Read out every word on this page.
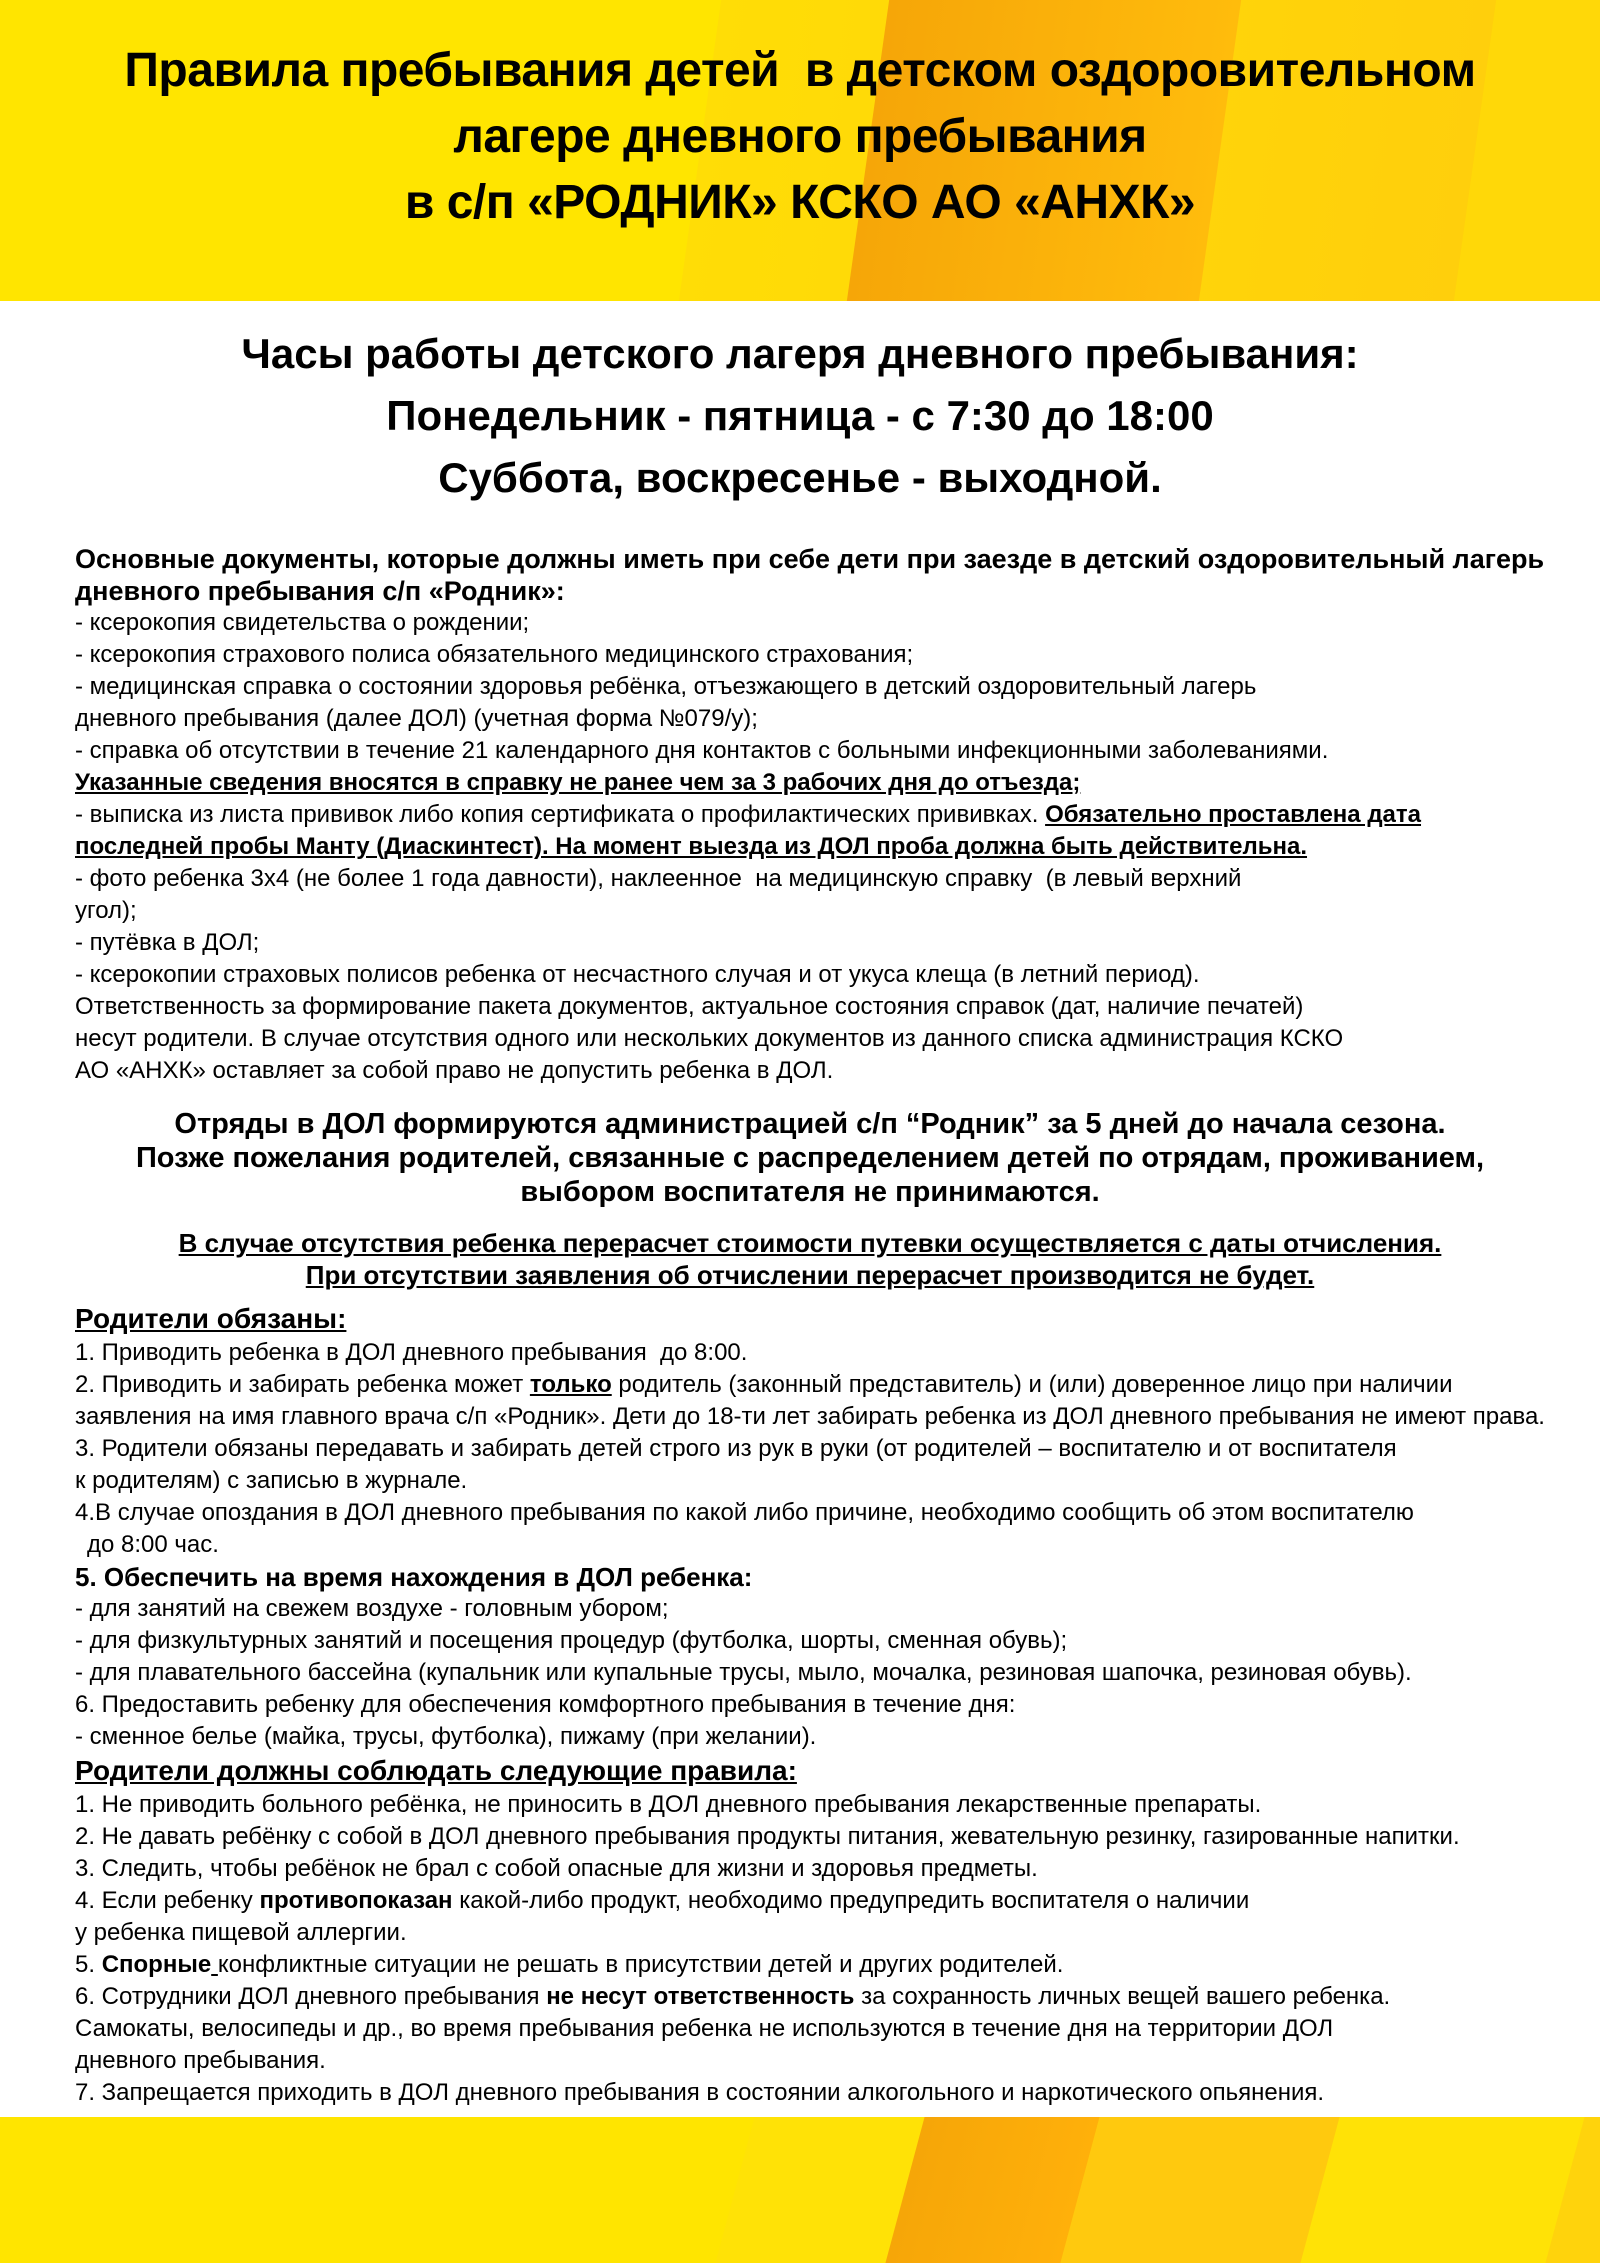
Правила пребывания детей  в детском оздоровительном
лагере дневного пребывания
в с/п «РОДНИК» КСКО АО «АНХК»
Часы работы детского лагеря дневного пребывания:
Понедельник - пятница - с 7:30 до 18:00
Суббота, воскресенье - выходной.
Основные документы, которые должны иметь при себе дети при заезде в детский оздоровительный лагерь
дневного пребывания с/п «Родник»:
- ксерокопия свидетельства о рождении;
- ксерокопия страхового полиса обязательного медицинского страхования;
- медицинская справка о состоянии здоровья ребёнка, отъезжающего в детский оздоровительный лагерь
дневного пребывания (далее ДОЛ) (учетная форма №079/у);
- справка об отсутствии в течение 21 календарного дня контактов с больными инфекционными заболеваниями.
Указанные сведения вносятся в справку не ранее чем за 3 рабочих дня до отъезда;
- выписка из листа прививок либо копия сертификата о профилактических прививках. Обязательно проставлена дата
последней пробы Манту (Диаскинтест). На момент выезда из ДОЛ проба должна быть действительна.
- фото ребенка 3х4 (не более 1 года давности), наклеенное  на медицинскую справку  (в левый верхний
угол);
- путёвка в ДОЛ;
- ксерокопии страховых полисов ребенка от несчастного случая и от укуса клеща (в летний период).
Ответственность за формирование пакета документов, актуальное состояния справок (дат, наличие печатей)
несут родители. В случае отсутствия одного или нескольких документов из данного списка администрация КСКО
АО «АНХК» оставляет за собой право не допустить ребенка в ДОЛ.
Отряды в ДОЛ формируются администрацией с/п “Родник” за 5 дней до начала сезона.
Позже пожелания родителей, связанные с распределением детей по отрядам, проживанием,
выбором воспитателя не принимаются.
В случае отсутствия ребенка перерасчет стоимости путевки осуществляется с даты отчисления.
При отсутствии заявления об отчислении перерасчет производится не будет.
Родители обязаны:
1. Приводить ребенка в ДОЛ дневного пребывания  до 8:00.
2. Приводить и забирать ребенка может только родитель (законный представитель) и (или) доверенное лицо при наличии
заявления на имя главного врача с/п «Родник». Дети до 18-ти лет забирать ребенка из ДОЛ дневного пребывания не имеют права.
3. Родители обязаны передавать и забирать детей строго из рук в руки (от родителей – воспитателю и от воспитателя
к родителям) с записью в журнале.
4.В случае опоздания в ДОЛ дневного пребывания по какой либо причине, необходимо сообщить об этом воспитателю
до 8:00 час.
5. Обеспечить на время нахождения в ДОЛ ребенка:
- для занятий на свежем воздухе - головным убором;
- для физкультурных занятий и посещения процедур (футболка, шорты, сменная обувь);
- для плавательного бассейна (купальник или купальные трусы, мыло, мочалка, резиновая шапочка, резиновая обувь).
6. Предоставить ребенку для обеспечения комфортного пребывания в течение дня:
- сменное белье (майка, трусы, футболка), пижаму (при желании).
Родители должны соблюдать следующие правила:
1. Не приводить больного ребёнка, не приносить в ДОЛ дневного пребывания лекарственные препараты.
2. Не давать ребёнку с собой в ДОЛ дневного пребывания продукты питания, жевательную резинку, газированные напитки.
3. Следить, чтобы ребёнок не брал с собой опасные для жизни и здоровья предметы.
4. Если ребенку противопоказан какой-либо продукт, необходимо предупредить воспитателя о наличии
у ребенка пищевой аллергии.
5. Спорные конфликтные ситуации не решать в присутствии детей и других родителей.
6. Сотрудники ДОЛ дневного пребывания не несут ответственность за сохранность личных вещей вашего ребенка.
Самокаты, велосипеды и др., во время пребывания ребенка не используются в течение дня на территории ДОЛ
дневного пребывания.
7. Запрещается приходить в ДОЛ дневного пребывания в состоянии алкогольного и наркотического опьянения.
